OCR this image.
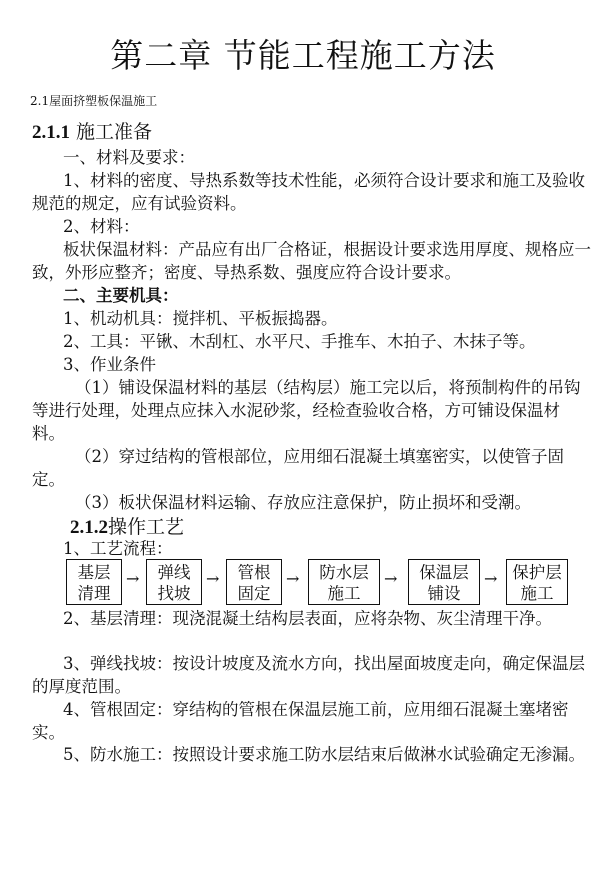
第二章 节能工程施工方法
2.1屋面挤塑板保温施工
2.1.1 施工准备
一、材料及要求：
1、材料的密度、导热系数等技术性能，必须符合设计要求和施工及验收规范的规定，应有试验资料。
2、材料：
板状保温材料：产品应有出厂合格证，根据设计要求选用厚度、规格应一致，外形应整齐；密度、导热系数、强度应符合设计要求。
二、主要机具：
1、机动机具：搅拌机、平板振捣器。
2、工具：平锹、木刮杠、水平尺、手推车、木拍子、木抹子等。
3、作业条件
（1）铺设保温材料的基层（结构层）施工完以后，将预制构件的吊钩等进行处理，处理点应抹入水泥砂浆，经检查验收合格，方可铺设保温材料。
（2）穿过结构的管根部位，应用细石混凝土填塞密实，以使管子固定。
（3）板状保温材料运输、存放应注意保护，防止损坏和受潮。
2.1.2操作工艺
1、工艺流程：
基层
清理
→	弹线
找坡
→	管根
固定
→	防水层
施工
→	保温层
铺设
→ 保护层
施工
2、基层清理：现浇混凝土结构层表面，应将杂物、灰尘清理干净。
3、弹线找坡：按设计坡度及流水方向，找出屋面坡度走向，确定保温层的厚度范围。
4、管根固定：穿结构的管根在保温层施工前，应用细石混凝土塞堵密实。
5、防水施工：按照设计要求施工防水层结束后做淋水试验确定无渗漏。
